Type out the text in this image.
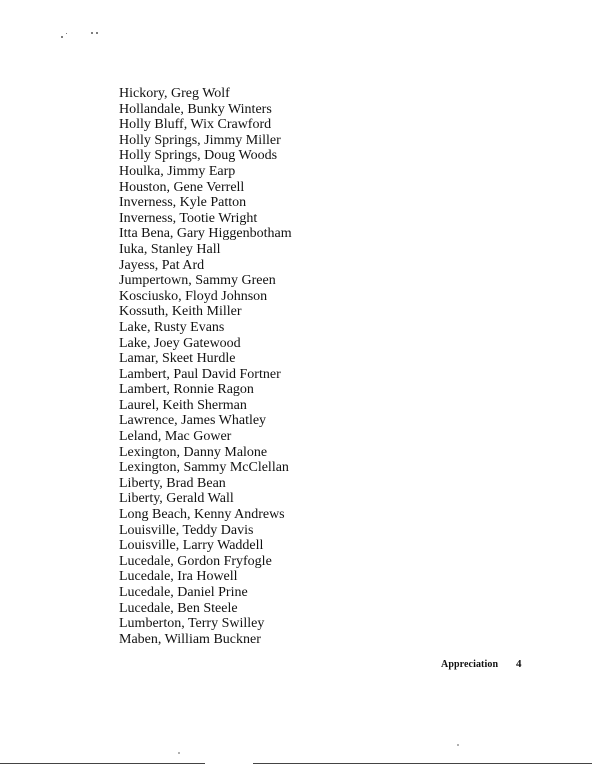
Hickory, Greg Wolf
Hollandale, Bunky Winters
Holly Bluff, Wix Crawford
Holly Springs, Jimmy Miller
Holly Springs, Doug Woods
Houlka, Jimmy Earp
Houston, Gene Verrell
Inverness, Kyle Patton
Inverness, Tootie Wright
Itta Bena, Gary Higgenbotham
Iuka, Stanley Hall
Jayess, Pat Ard
Jumpertown, Sammy Green
Kosciusko, Floyd Johnson
Kossuth, Keith Miller
Lake, Rusty Evans
Lake, Joey Gatewood
Lamar, Skeet Hurdle
Lambert, Paul David Fortner
Lambert, Ronnie Ragon
Laurel, Keith Sherman
Lawrence, James Whatley
Leland, Mac Gower
Lexington, Danny Malone
Lexington, Sammy McClellan
Liberty, Brad Bean
Liberty, Gerald Wall
Long Beach, Kenny Andrews
Louisville, Teddy Davis
Louisville, Larry Waddell
Lucedale, Gordon Fryfogle
Lucedale, Ira Howell
Lucedale, Daniel Prine
Lucedale, Ben Steele
Lumberton, Terry Swilley
Maben, William Buckner
Appreciation 4
